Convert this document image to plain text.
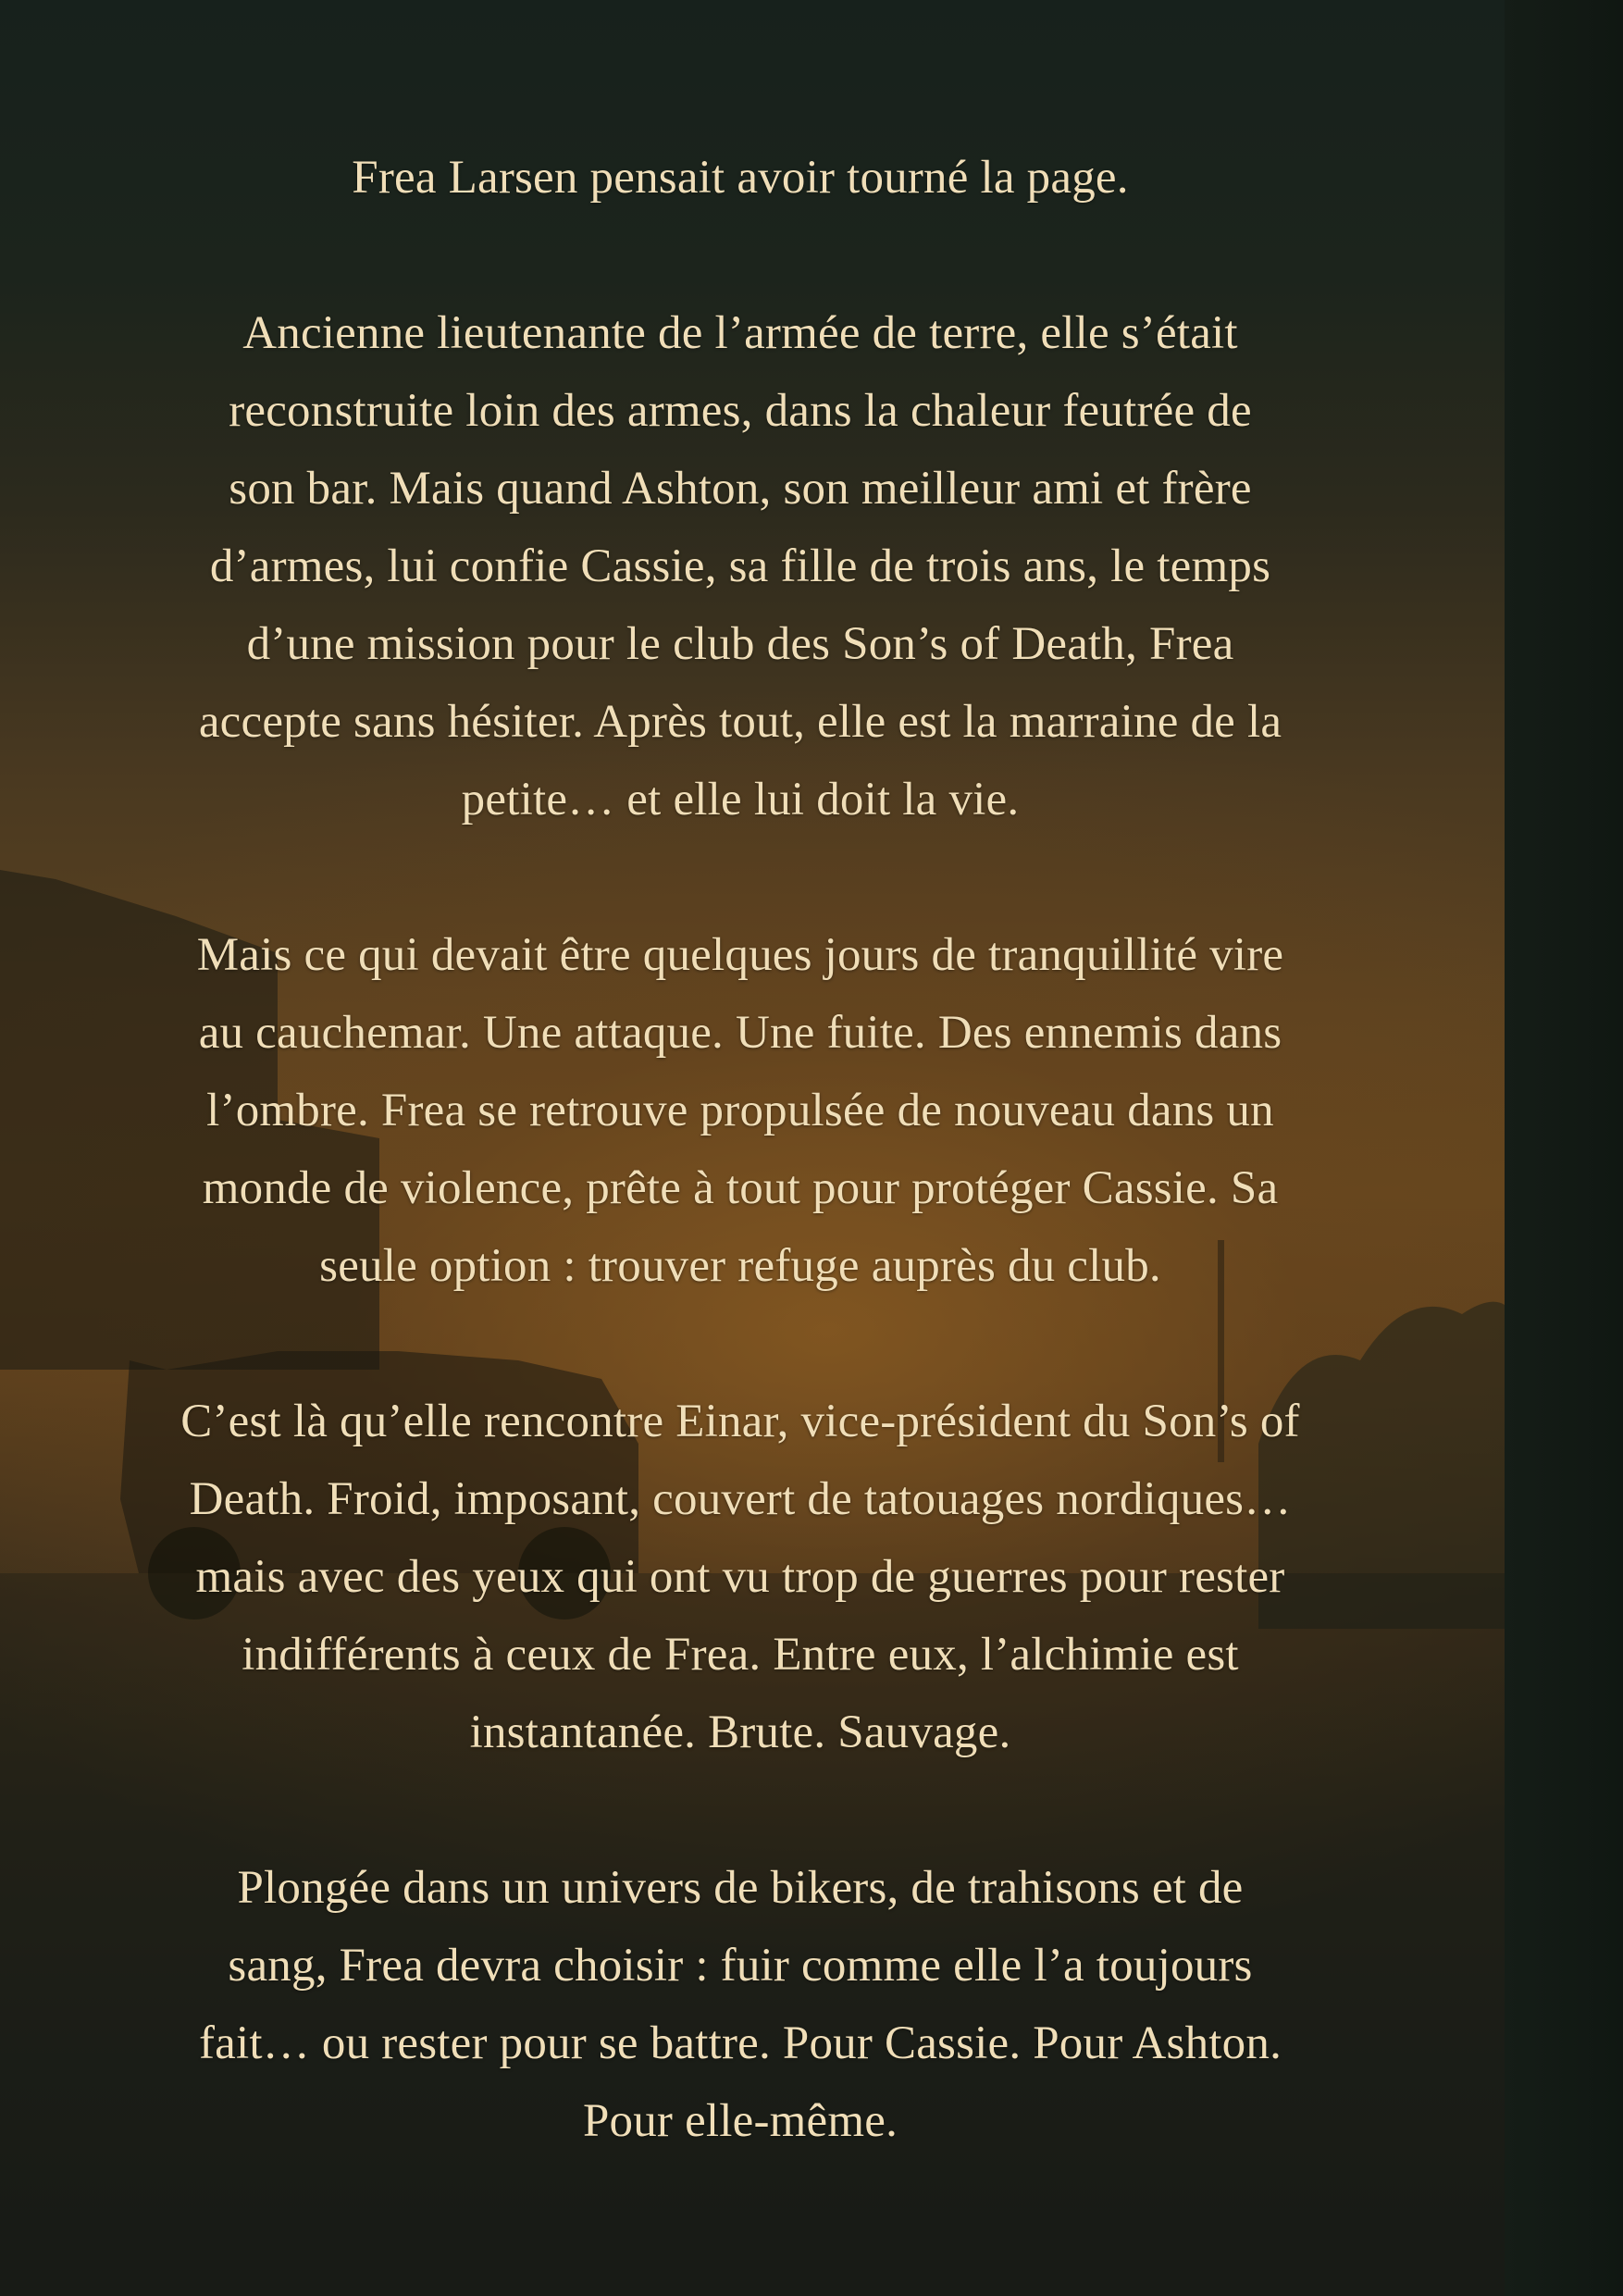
Frea Larsen pensait avoir tourné la page.

Ancienne lieutenante de l’armée de terre, elle s’était
reconstruite loin des armes, dans la chaleur feutrée de
son bar. Mais quand Ashton, son meilleur ami et frère
d’armes, lui confie Cassie, sa fille de trois ans, le temps
d’une mission pour le club des Son’s of Death, Frea
accepte sans hésiter. Après tout, elle est la marraine de la
petite… et elle lui doit la vie.

Mais ce qui devait être quelques jours de tranquillité vire
au cauchemar. Une attaque. Une fuite. Des ennemis dans
l’ombre. Frea se retrouve propulsée de nouveau dans un
monde de violence, prête à tout pour protéger Cassie. Sa
seule option : trouver refuge auprès du club.

C’est là qu’elle rencontre Einar, vice-président du Son’s of
Death. Froid, imposant, couvert de tatouages nordiques…
mais avec des yeux qui ont vu trop de guerres pour rester
indifférents à ceux de Frea. Entre eux, l’alchimie est
instantanée. Brute. Sauvage.

Plongée dans un univers de bikers, de trahisons et de
sang, Frea devra choisir : fuir comme elle l’a toujours
fait… ou rester pour se battre. Pour Cassie. Pour Ashton.
Pour elle-même.
